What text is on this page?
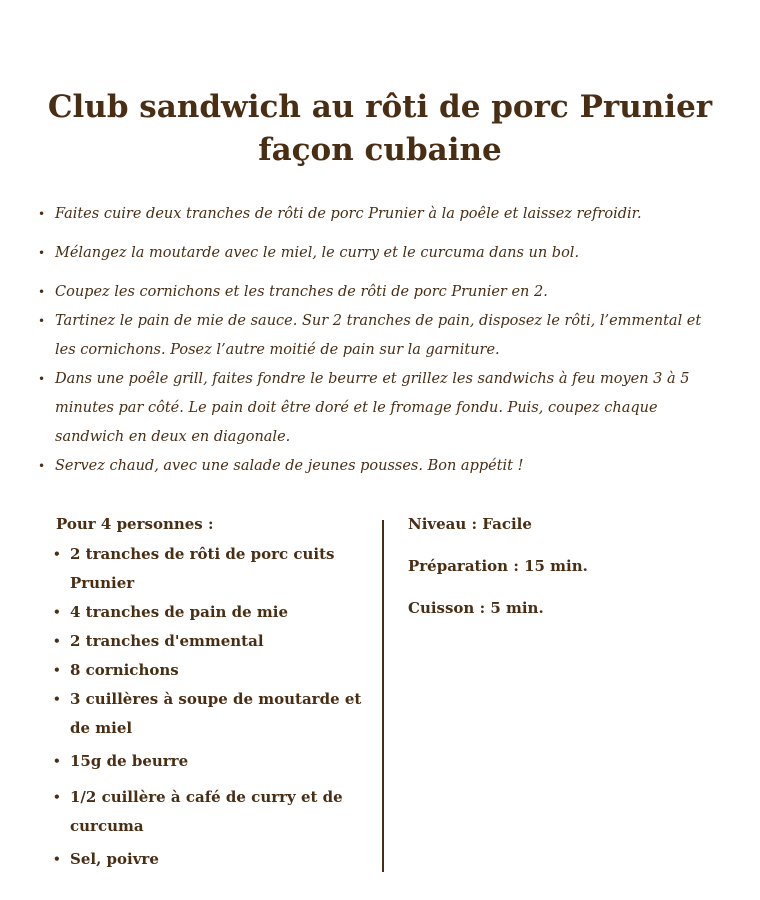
Club sandwich au rôti de porc Prunier façon cubaine
• Faites cuire deux tranches de rôti de porc Prunier à la poêle et laissez refroidir.
• Mélangez la moutarde avec le miel, le curry et le curcuma dans un bol.
• Coupez les cornichons et les tranches de rôti de porc Prunier en 2.
• Tartinez le pain de mie de sauce. Sur 2 tranches de pain, disposez le rôti, l’emmental et les cornichons. Posez l’autre moitié de pain sur la garniture.
• Dans une poêle grill, faites fondre le beurre et grillez les sandwichs à feu moyen 3 à 5 minutes par côté. Le pain doit être doré et le fromage fondu. Puis, coupez chaque sandwich en deux en diagonale.
• Servez chaud, avec une salade de jeunes pousses. Bon appétit !
Pour 4 personnes :
• 2 tranches de rôti de porc cuits Prunier
• 4 tranches de pain de mie
• 2 tranches d'emmental
• 8 cornichons
• 3 cuillères à soupe de moutarde et de miel
• 15g de beurre
• 1/2 cuillère à café de curry et de curcuma
• Sel, poivre
Niveau : Facile
Préparation : 15 min.
Cuisson : 5 min.
